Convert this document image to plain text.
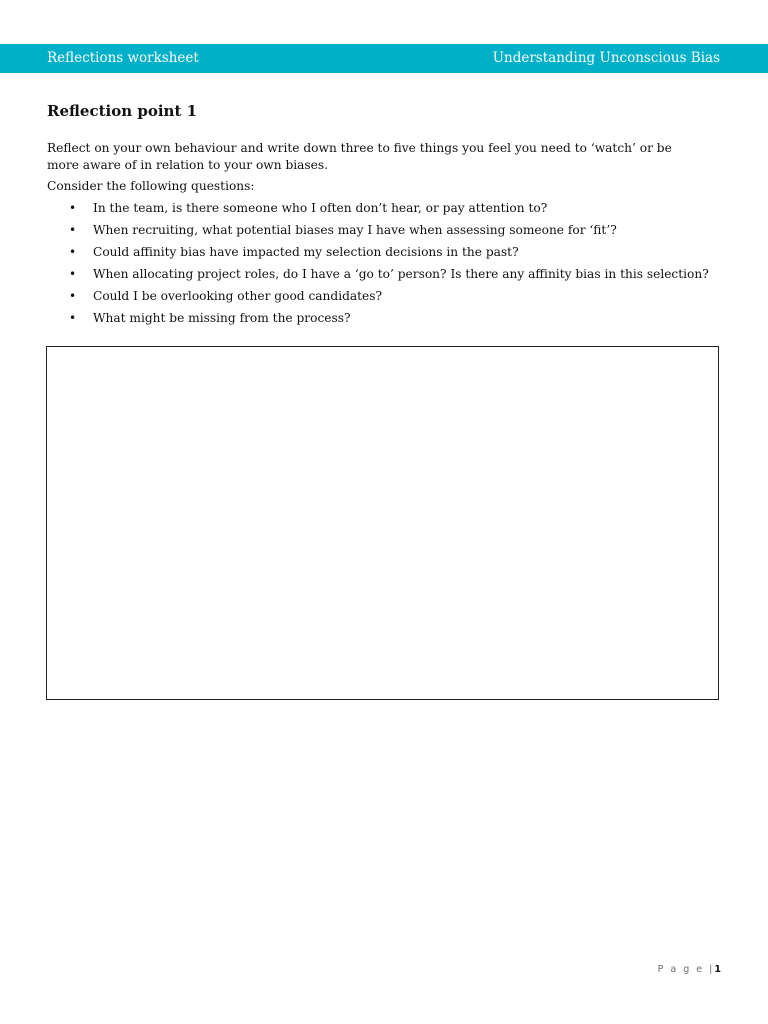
Reflections worksheet	Understanding Unconscious Bias
Reflection point 1

Reflect on your own behaviour and write down three to five things you feel you need to ‘watch’ or be more aware of in relation to your own biases.

Consider the following questions:

• In the team, is there someone who I often don’t hear, or pay attention to?
• When recruiting, what potential biases may I have when assessing someone for ‘fit’?
• Could affinity bias have impacted my selection decisions in the past?
• When allocating project roles, do I have a ‘go to’ person? Is there any affinity bias in this selection?
• Could I be overlooking other good candidates?
• What might be missing from the process?
P a g e |1
